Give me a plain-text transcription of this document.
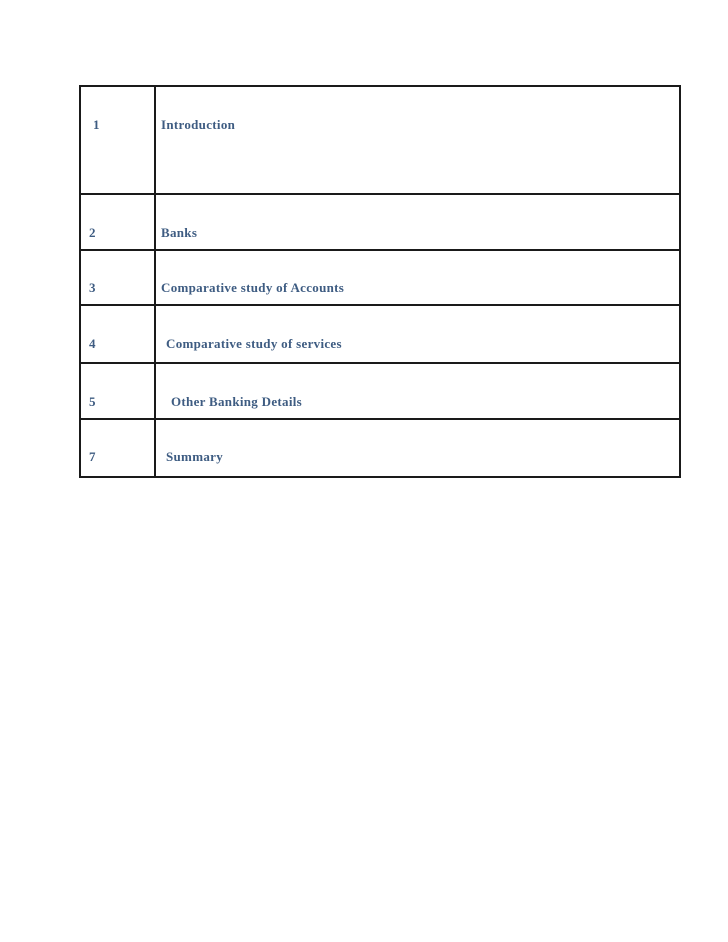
1	Introduction

2	Banks

3	Comparative study of Accounts

4	Comparative study of services

5	Other Banking Details

7	Summary
